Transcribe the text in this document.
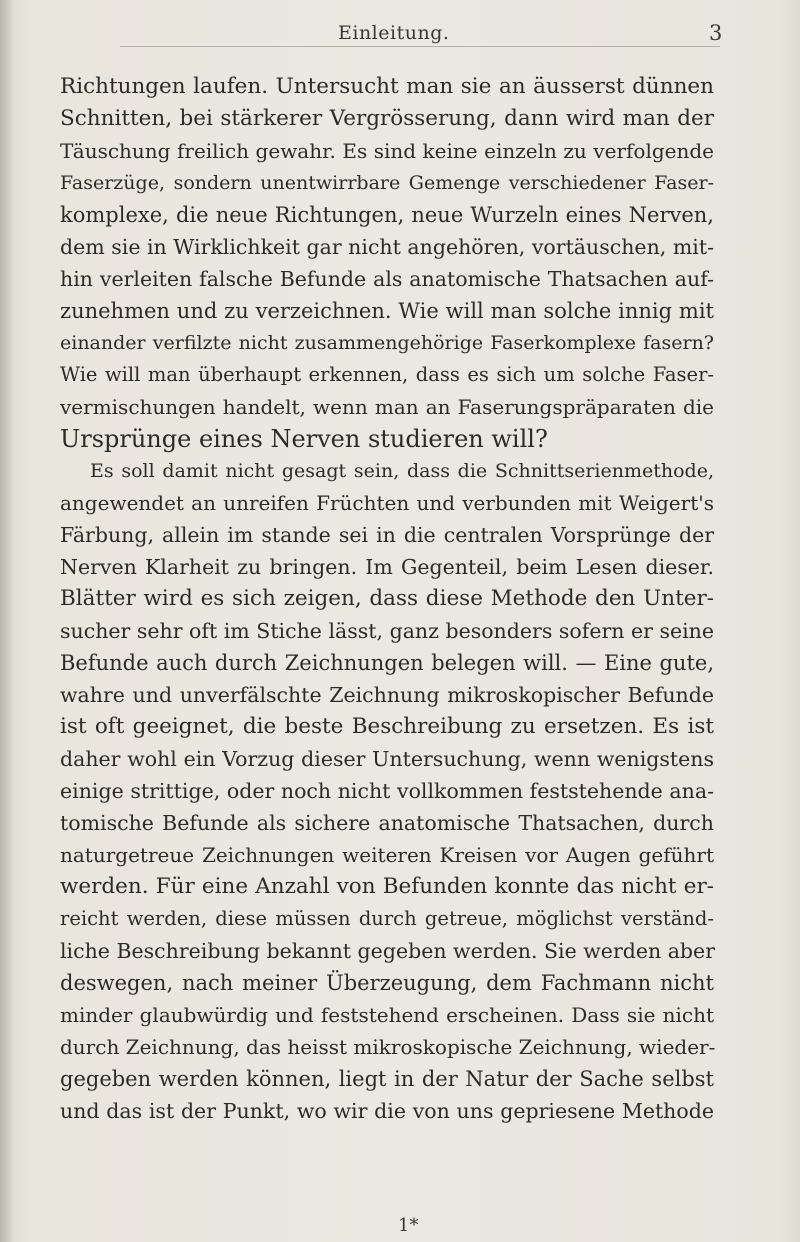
Einleitung.	3
Richtungen laufen. Untersucht man sie an äusserst dünnen
Schnitten, bei stärkerer Vergrösserung, dann wird man der
Täuschung freilich gewahr. Es sind keine einzeln zu verfolgende
Faserzüge, sondern unentwirrbare Gemenge verschiedener Faser-
komplexe, die neue Richtungen, neue Wurzeln eines Nerven,
dem sie in Wirklichkeit gar nicht angehören, vortäuschen, mit-
hin verleiten falsche Befunde als anatomische Thatsachen auf-
zunehmen und zu verzeichnen. Wie will man solche innig mit
einander verfilzte nicht zusammengehörige Faserkomplexe fasern?
Wie will man überhaupt erkennen, dass es sich um solche Faser-
vermischungen handelt, wenn man an Faserungspräparaten die
Ursprünge eines Nerven studieren will?
Es soll damit nicht gesagt sein, dass die Schnittserienmethode,
angewendet an unreifen Früchten und verbunden mit Weigert's
Färbung, allein im stande sei in die centralen Vorsprünge der
Nerven Klarheit zu bringen. Im Gegenteil, beim Lesen dieser.
Blätter wird es sich zeigen, dass diese Methode den Unter-
sucher sehr oft im Stiche lässt, ganz besonders sofern er seine
Befunde auch durch Zeichnungen belegen will. — Eine gute,
wahre und unverfälschte Zeichnung mikroskopischer Befunde
ist oft geeignet, die beste Beschreibung zu ersetzen. Es ist
daher wohl ein Vorzug dieser Untersuchung, wenn wenigstens
einige strittige, oder noch nicht vollkommen feststehende ana-
tomische Befunde als sichere anatomische Thatsachen, durch
naturgetreue Zeichnungen weiteren Kreisen vor Augen geführt
werden. Für eine Anzahl von Befunden konnte das nicht er-
reicht werden, diese müssen durch getreue, möglichst verständ-
liche Beschreibung bekannt gegeben werden. Sie werden aber
deswegen, nach meiner Überzeugung, dem Fachmann nicht
minder glaubwürdig und feststehend erscheinen. Dass sie nicht
durch Zeichnung, das heisst mikroskopische Zeichnung, wieder-
gegeben werden können, liegt in der Natur der Sache selbst
und das ist der Punkt, wo wir die von uns gepriesene Methode
1*
